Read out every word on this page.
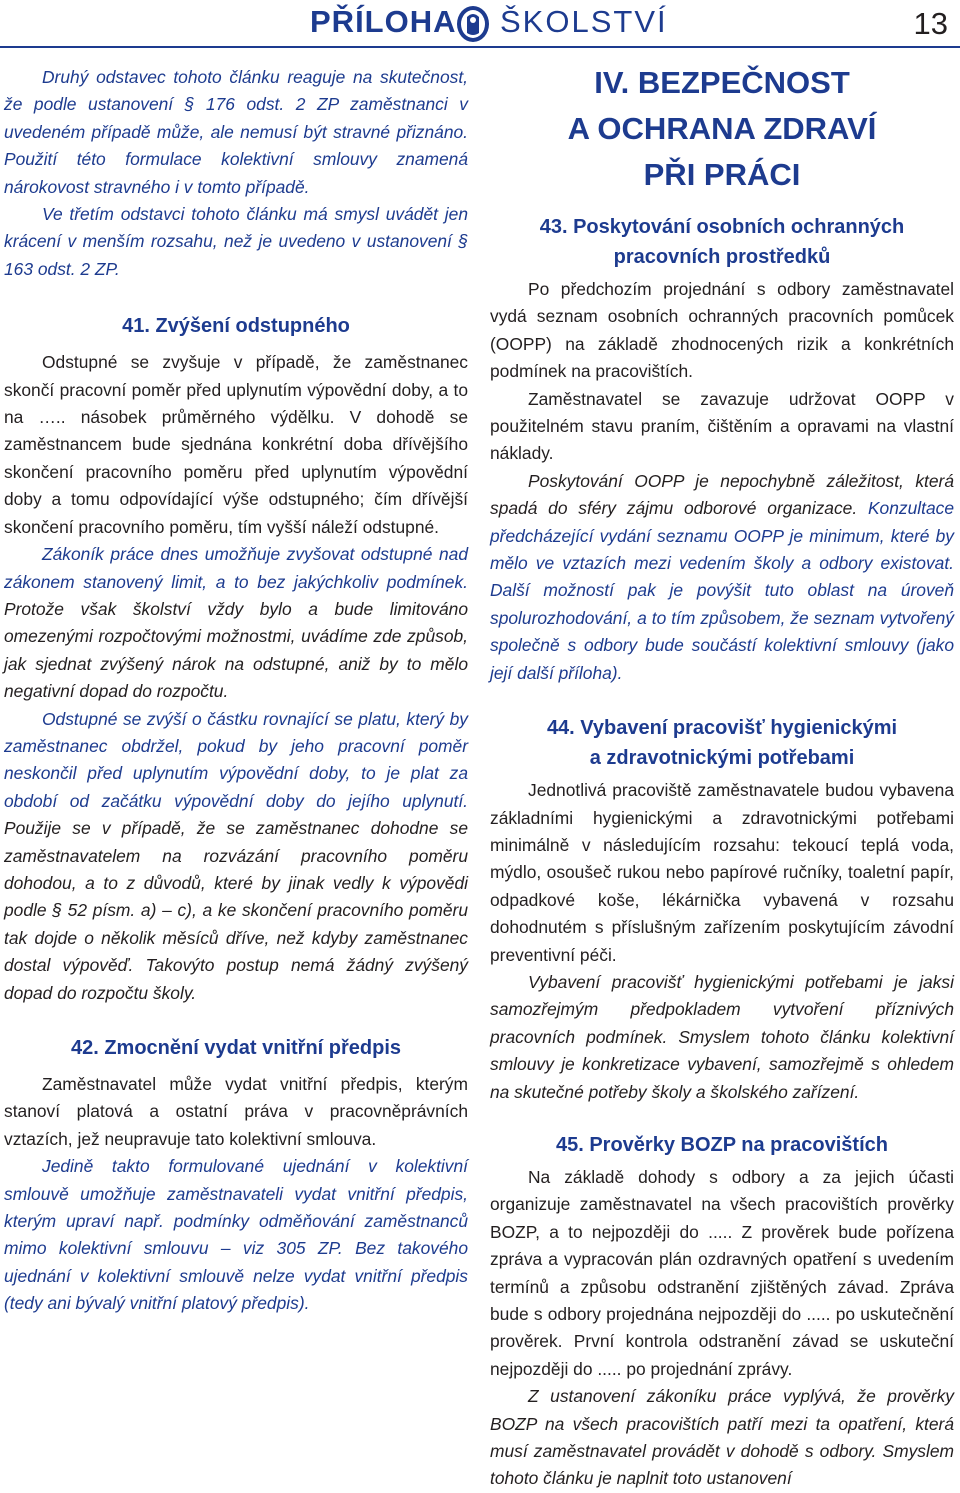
PŘÍLOHA ŠKOLSTVÍ	13

Druhý odstavec tohoto článku reaguje na skutečnost, že podle ustanovení § 176 odst. 2 ZP zaměstnanci v uvedeném případě může, ale nemusí být stravné přiznáno. Použití této formulace kolektivní smlouvy znamená nárokovost stravného i v tomto případě.

Ve třetím odstavci tohoto článku má smysl uvádět jen krácení v menším rozsahu, než je uvedeno v ustanovení § 163 odst. 2 ZP.

41. Zvýšení odstupného

Odstupné se zvyšuje v případě, že zaměstnanec skončí pracovní poměr před uplynutím výpovědní doby, a to na ….. násobek průměrného výdělku. V dohodě se zaměstnancem bude sjednána konkrétní doba dřívějšího skončení pracovního poměru před uplynutím výpovědní doby a tomu odpovídající výše odstupného; čím dřívější skončení pracovního poměru, tím vyšší náleží odstupné.

Zákoník práce dnes umožňuje zvyšovat odstupné nad zákonem stanovený limit, a to bez jakýchkoliv podmínek. Protože však školství vždy bylo a bude limitováno omezenými rozpočtovými možnostmi, uvádíme zde způsob, jak sjednat zvýšený nárok na odstupné, aniž by to mělo negativní dopad do rozpočtu.

Odstupné se zvýší o částku rovnající se platu, který by zaměstnanec obdržel, pokud by jeho pracovní poměr neskončil před uplynutím výpovědní doby, to je plat za období od začátku výpovědní doby do jejího uplynutí. Použije se v případě, že se zaměstnanec dohodne se zaměstnavatelem na rozvázání pracovního poměru dohodou, a to z důvodů, které by jinak vedly k výpovědi podle § 52 písm. a) – c), a ke skončení pracovního poměru tak dojde o několik měsíců dříve, než kdyby zaměstnanec dostal výpověď. Takovýto postup nemá žádný zvýšený dopad do rozpočtu školy.

42. Zmocnění vydat vnitřní předpis

Zaměstnavatel může vydat vnitřní předpis, kterým stanoví platová a ostatní práva v pracovněprávních vztazích, jež neupravuje tato kolektivní smlouva.

Jedině takto formulované ujednání v kolektivní smlouvě umožňuje zaměstnavateli vydat vnitřní předpis, kterým upraví např. podmínky odměňování zaměstnanců mimo kolektivní smlouvu – viz 305 ZP. Bez takového ujednání v kolektivní smlouvě nelze vydat vnitřní předpis (tedy ani bývalý vnitřní platový předpis).

IV. BEZPEČNOST
A OCHRANA ZDRAVÍ
PŘI PRÁCI
43. Poskytování osobních ochranných
pracovních prostředků

Po předchozím projednání s odbory zaměstnavatel vydá seznam osobních ochranných pracovních pomůcek (OOPP) na základě zhodnocených rizik a konkrétních podmínek na pracovištích.

Zaměstnavatel se zavazuje udržovat OOPP v použitelném stavu praním, čištěním a opravami na vlastní náklady.

Poskytování OOPP je nepochybně záležitost, která spadá do sféry zájmu odborové organizace. Konzultace předcházející vydání seznamu OOPP je minimum, které by mělo ve vztazích mezi vedením školy a odbory existovat. Další možností pak je povýšit tuto oblast na úroveň spolurozhodování, a to tím způsobem, že seznam vytvořený společně s odbory bude součástí kolektivní smlouvy (jako její další příloha).

44. Vybavení pracovišť hygienickými
a zdravotnickými potřebami

Jednotlivá pracoviště zaměstnavatele budou vybavena základními hygienickými a zdravotnickými potřebami minimálně v následujícím rozsahu: tekoucí teplá voda, mýdlo, osoušeč rukou nebo papírové ručníky, toaletní papír, odpadkové koše, lékárnička vybavená v rozsahu dohodnutém s příslušným zařízením poskytujícím závodní preventivní péči.

Vybavení pracovišť hygienickými potřebami je jaksi samozřejmým předpokladem vytvoření příznivých pracovních podmínek. Smyslem tohoto článku kolektivní smlouvy je konkretizace vybavení, samozřejmě s ohledem na skutečné potřeby školy a školského zařízení.

45. Prověrky BOZP na pracovištích

Na základě dohody s odbory a za jejich účasti organizuje zaměstnavatel na všech pracovištích prověrky BOZP, a to nejpozději do ..... Z prověrek bude pořízena zpráva a vypracován plán ozdravných opatření s uvedením termínů a způsobu odstranění zjištěných závad. Zpráva bude s odbory projednána nejpozději do ..... po uskutečnění prověrek. První kontrola odstranění závad se uskuteční nejpozději do ..... po projednání zprávy.

Z ustanovení zákoníku práce vyplývá, že prověrky BOZP na všech pracovištích patří mezi ta opatření, která musí zaměstnavatel provádět v dohodě s odbory. Smyslem tohoto článku je naplnit toto ustanovení
